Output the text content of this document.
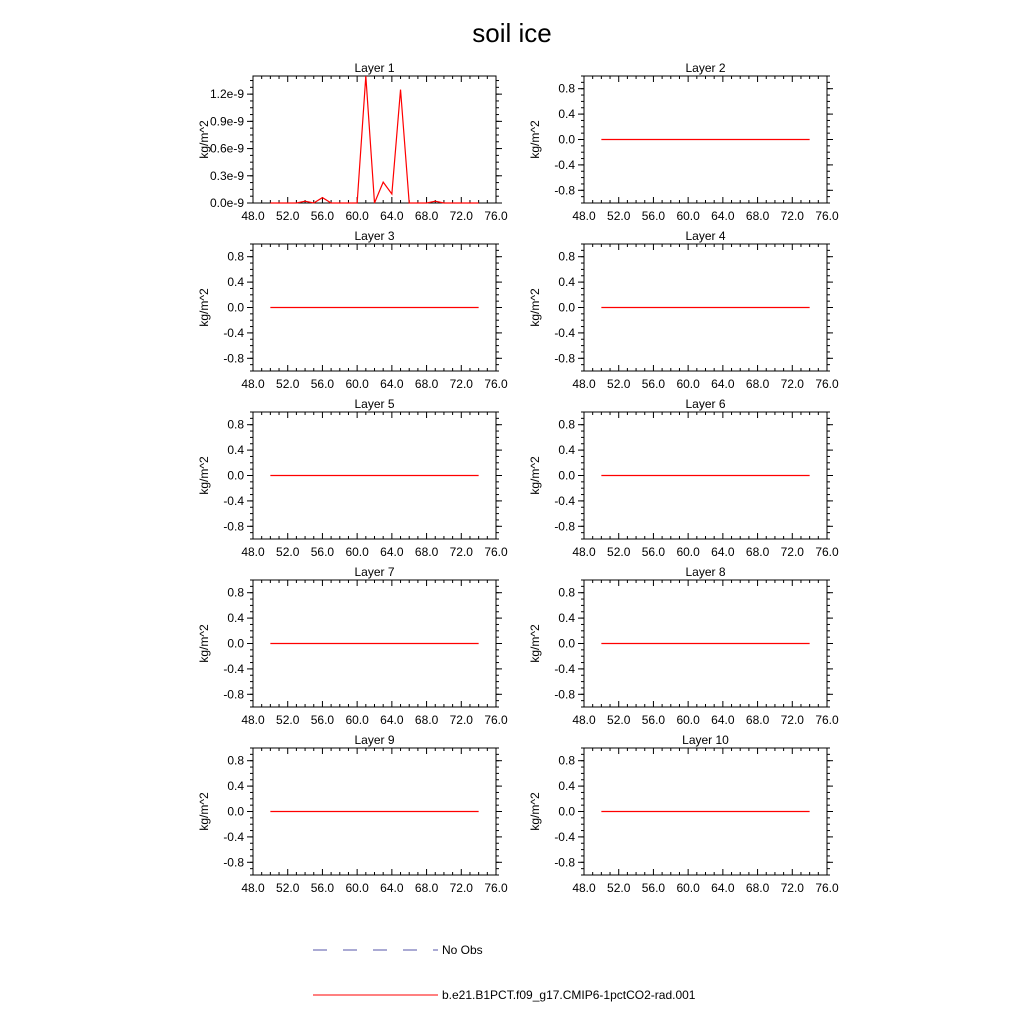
soil ice
Layer 1
48.0 52.0 56.0 60.0 64.0 68.0 72.0 76.0
0.0e-9
0.3e-9
0.6e-9
0.9e-9
1.2e-9
kg/m^2
Layer 2
48.0 52.0 56.0 60.0 64.0 68.0 72.0 76.0
-0.8
-0.4
0.0
0.4
0.8
kg/m^2
Layer 3
48.0 52.0 56.0 60.0 64.0 68.0 72.0 76.0
-0.8
-0.4
0.0
0.4
0.8
kg/m^2
Layer 4
48.0 52.0 56.0 60.0 64.0 68.0 72.0 76.0
-0.8
-0.4
0.0
0.4
0.8
kg/m^2
Layer 5
48.0 52.0 56.0 60.0 64.0 68.0 72.0 76.0
-0.8
-0.4
0.0
0.4
0.8
kg/m^2
Layer 6
48.0 52.0 56.0 60.0 64.0 68.0 72.0 76.0
-0.8
-0.4
0.0
0.4
0.8
kg/m^2
Layer 7
48.0 52.0 56.0 60.0 64.0 68.0 72.0 76.0
-0.8
-0.4
0.0
0.4
0.8
kg/m^2
Layer 8
48.0 52.0 56.0 60.0 64.0 68.0 72.0 76.0
-0.8
-0.4
0.0
0.4
0.8
kg/m^2
Layer 9
48.0 52.0 56.0 60.0 64.0 68.0 72.0 76.0
-0.8
-0.4
0.0
0.4
0.8
kg/m^2
Layer 10
48.0 52.0 56.0 60.0 64.0 68.0 72.0 76.0
-0.8
-0.4
0.0
0.4
0.8
kg/m^2
No Obs
b.e21.B1PCT.f09_g17.CMIP6-1pctCO2-rad.001
